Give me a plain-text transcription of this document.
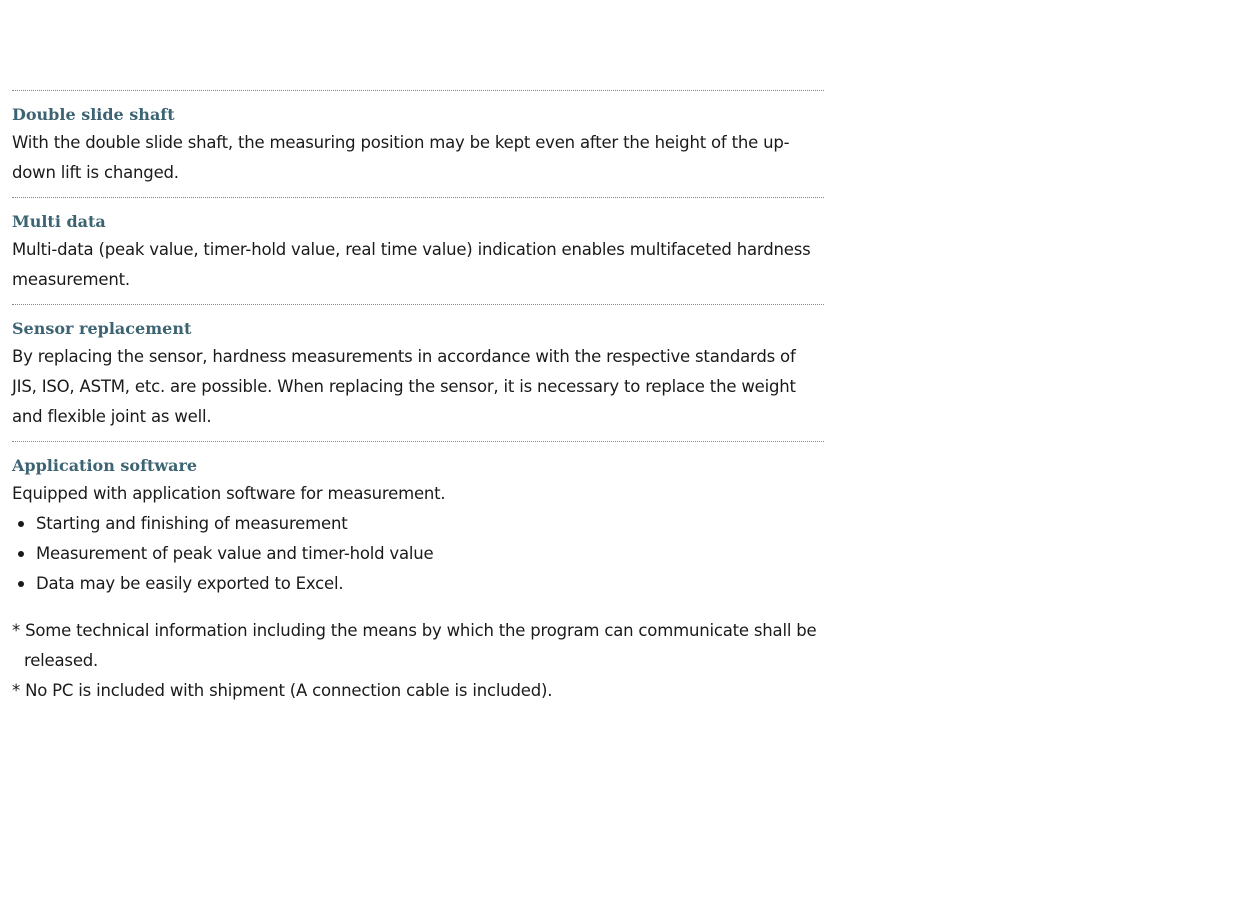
Double slide shaft

With the double slide shaft, the measuring position may be kept even after the height of the up-down lift is changed.

Multi data

Multi-data (peak value, timer-hold value, real time value) indication enables multifaceted hardness measurement.

Sensor replacement

By replacing the sensor, hardness measurements in accordance with the respective standards of JIS, ISO, ASTM, etc. are possible. When replacing the sensor, it is necessary to replace the weight and flexible joint as well.

Application software

Equipped with application software for measurement.

Starting and finishing of measurement
Measurement of peak value and timer-hold value
Data may be easily exported to Excel.

* Some technical information including the means by which the program can communicate shall be released.

* No PC is included with shipment (A connection cable is included).
